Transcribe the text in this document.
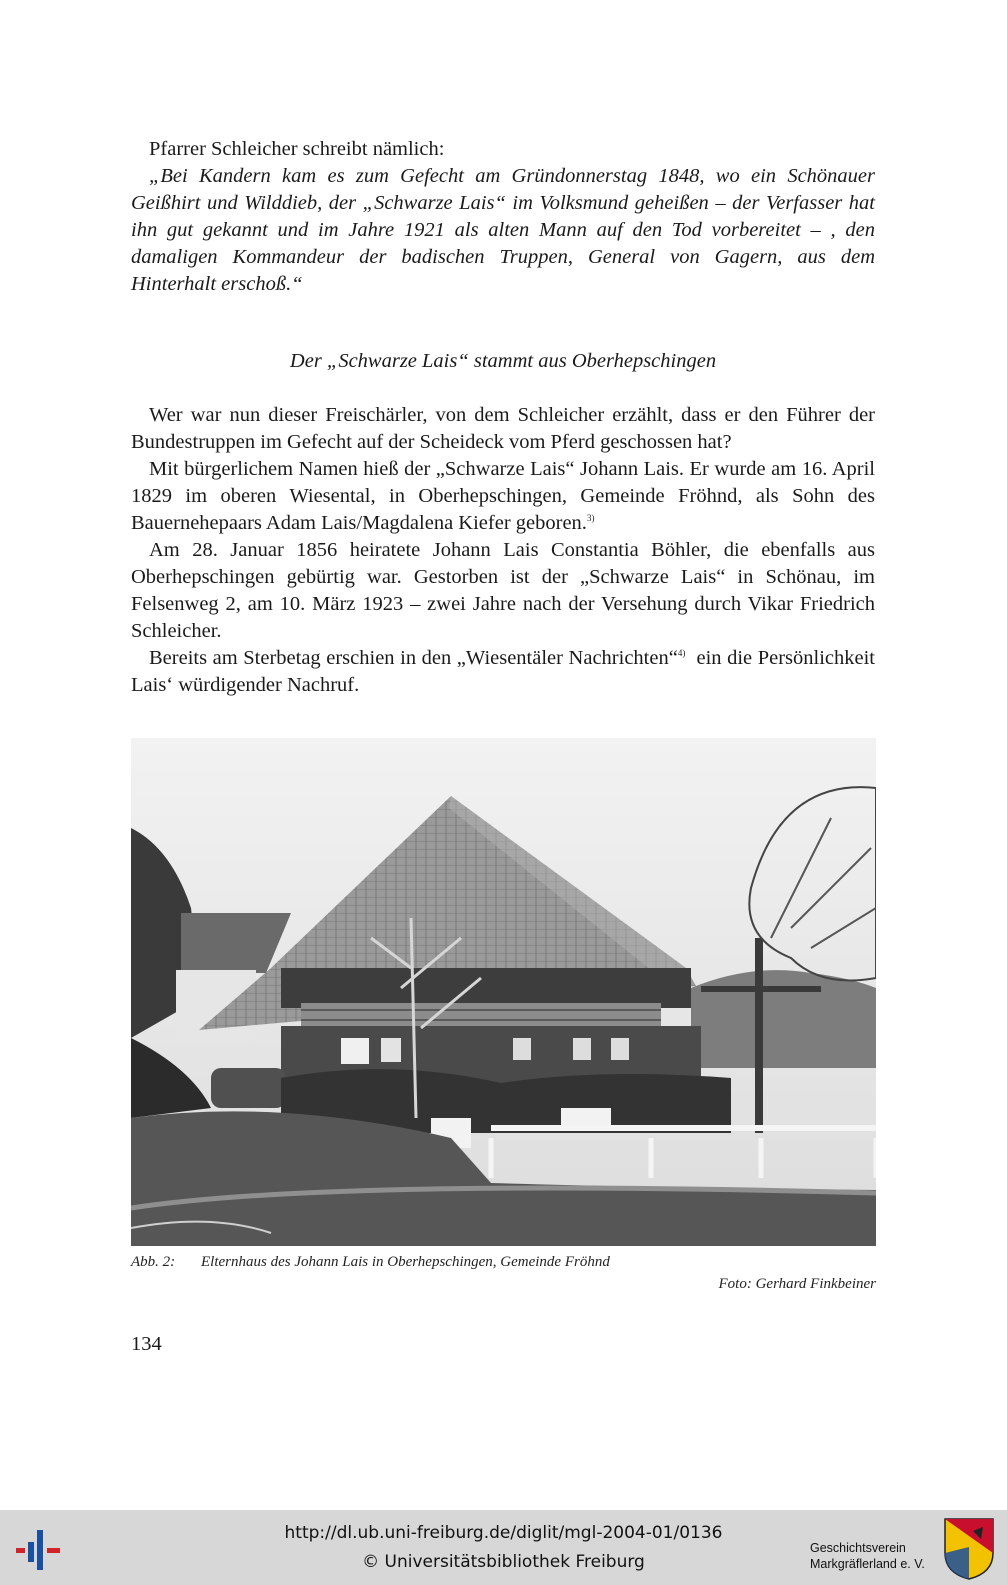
Pfarrer Schleicher schreibt nämlich:

„Bei Kandern kam es zum Gefecht am Gründonnerstag 1848, wo ein Schönauer Geißhirt und Wilddieb, der „Schwarze Lais“ im Volksmund geheißen – der Verfasser hat ihn gut gekannt und im Jahre 1921 als alten Mann auf den Tod vorbereitet – , den damaligen Kommandeur der badischen Truppen, General von Gagern, aus dem Hinterhalt erschoß.“

Der „Schwarze Lais“ stammt aus Oberhepschingen

Wer war nun dieser Freischärler, von dem Schleicher erzählt, dass er den Führer der Bundestruppen im Gefecht auf der Scheideck vom Pferd geschossen hat?

Mit bürgerlichem Namen hieß der „Schwarze Lais“ Johann Lais. Er wurde am 16. April 1829 im oberen Wiesental, in Oberhepschingen, Gemeinde Fröhnd, als Sohn des Bauernehepaars Adam Lais/Magdalena Kiefer geboren.$^{3)}$

Am 28. Januar 1856 heiratete Johann Lais Constantia Böhler, die ebenfalls aus Oberhepschingen gebürtig war. Gestorben ist der „Schwarze Lais“ in Schönau, im Felsenweg 2, am 10. März 1923 – zwei Jahre nach der Versehung durch Vikar Friedrich Schleicher.

Bereits am Sterbetag erschien in den „Wiesentäler Nachrichten“$^{4)}$ ein die Persönlichkeit Lais‘ würdigender Nachruf.

Abb. 2: Elternhaus des Johann Lais in Oberhepschingen, Gemeinde Fröhnd
Foto: Gerhard Finkbeiner
134
http://dl.ub.uni-freiburg.de/diglit/mgl-2004-01/0136
© Universitätsbibliothek Freiburg
Geschichtsverein
Markgräflerland e. V.
